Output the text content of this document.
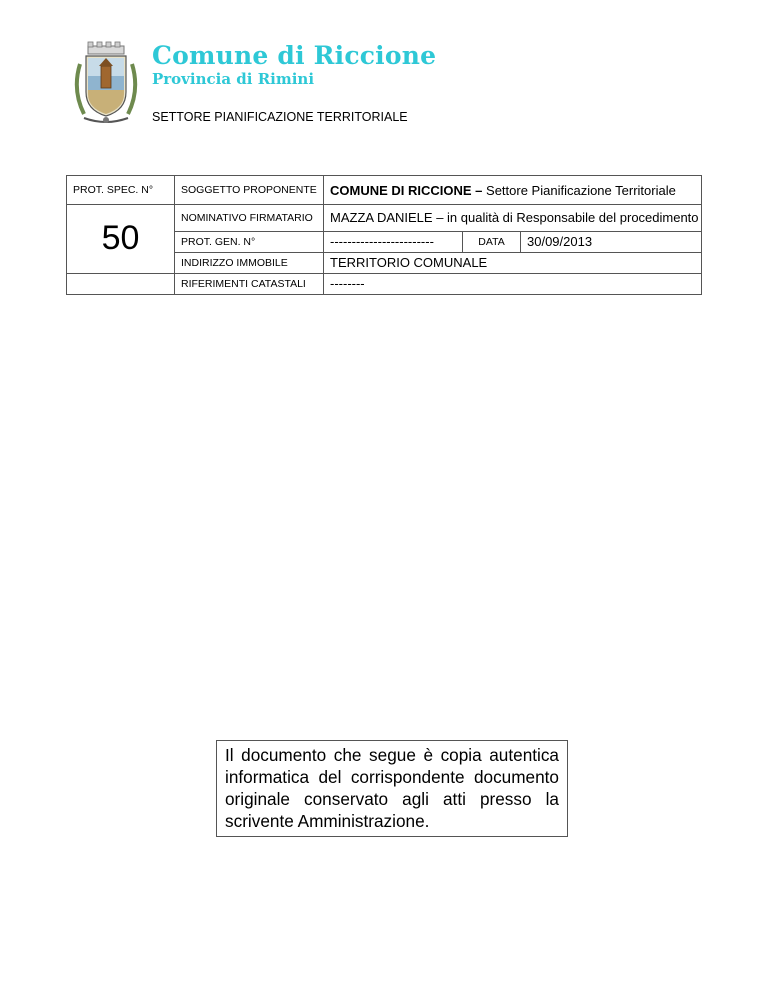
Comune di Riccione
Provincia di Rimini
SETTORE PIANIFICAZIONE TERRITORIALE
PROT. SPEC. N°
50
SOGGETTO PROPONENTE
NOMINATIVO FIRMATARIO
PROT. GEN. N°
INDIRIZZO IMMOBILE
RIFERIMENTI CATASTALI
COMUNE DI RICCIONE –
Settore Pianificazione Territoriale
MAZZA DANIELE – in qualità di Responsabile del procedimento
------------------------	DATA	30/09/2013
TERRITORIO COMUNALE
--------
Il documento che segue è copia autentica
informatica del corrispondente documento
originale conservato agli atti presso la
scrivente Amministrazione.
